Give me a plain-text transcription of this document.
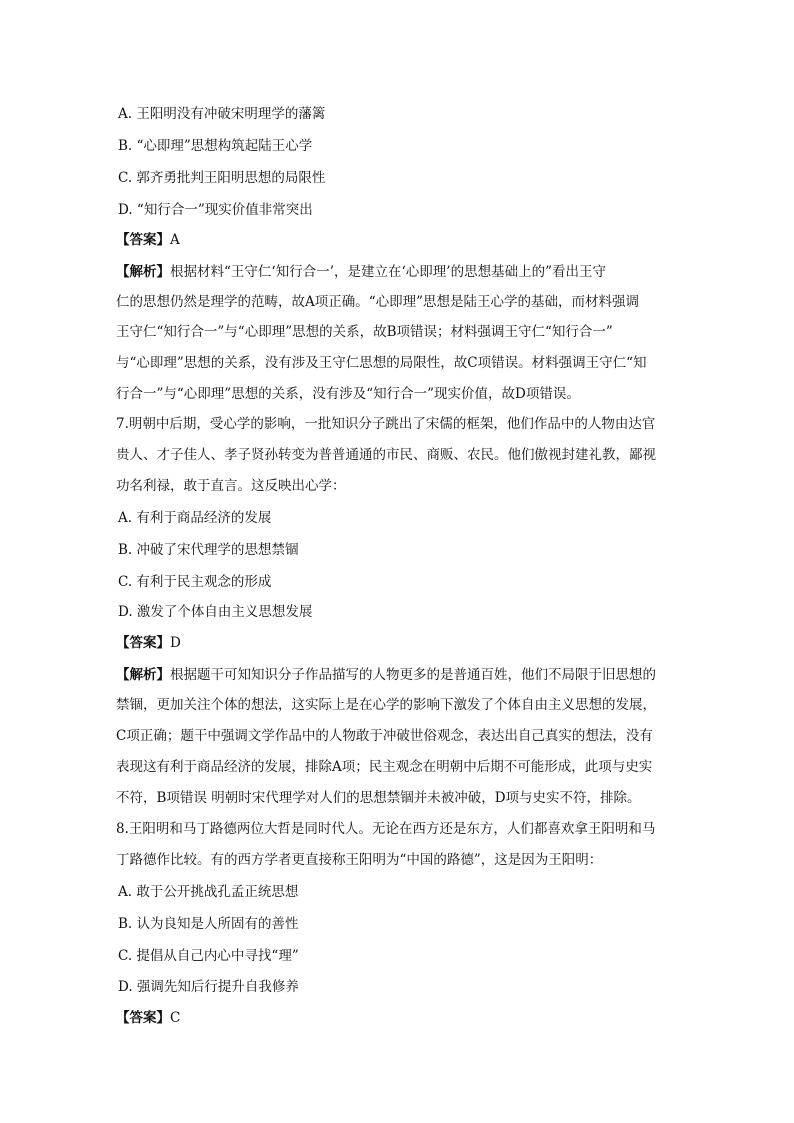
A. 王阳明没有冲破宋明理学的藩篱
B. “心即理”思想构筑起陆王心学
C. 郭齐勇批判王阳明思想的局限性
D. “知行合一”现实价值非常突出
【答案】A
【解析】根据材料“王守仁‘知行合一’，是建立在‘心即理’的思想基础上的”看出王守
仁的思想仍然是理学的范畴，故A项正确。“心即理”思想是陆王心学的基础，而材料强调
王守仁“知行合一”与“心即理”思想的关系，故B项错误；材料强调王守仁“知行合一”
与“心即理”思想的关系，没有涉及王守仁思想的局限性，故C项错误。材料强调王守仁“知
行合一”与“心即理”思想的关系，没有涉及“知行合一”现实价值，故D项错误。
7.明朝中后期，受心学的影响，一批知识分子跳出了宋儒的框架，他们作品中的人物由达官
贵人、才子佳人、孝子贤孙转变为普普通通的市民、商贩、农民。他们傲视封建礼教，鄙视
功名利禄，敢于直言。这反映出心学：
A. 有利于商品经济的发展
B. 冲破了宋代理学的思想禁锢
C. 有利于民主观念的形成
D. 激发了个体自由主义思想发展
【答案】D
【解析】根据题干可知知识分子作品描写的人物更多的是普通百姓，他们不局限于旧思想的
禁锢，更加关注个体的想法，这实际上是在心学的影响下激发了个体自由主义思想的发展，
C项正确；题干中强调文学作品中的人物敢于冲破世俗观念，表达出自己真实的想法，没有
表现这有利于商品经济的发展，排除A项；民主观念在明朝中后期不可能形成，此项与史实
不符，B项错误 明朝时宋代理学对人们的思想禁锢并未被冲破，D项与史实不符，排除。
8.王阳明和马丁路德两位大哲是同时代人。无论在西方还是东方，人们都喜欢拿王阳明和马
丁路德作比较。有的西方学者更直接称王阳明为“中国的路德”，这是因为王阳明：
A. 敢于公开挑战孔孟正统思想
B. 认为良知是人所固有的善性
C. 提倡从自己内心中寻找“理”
D. 强调先知后行提升自我修养
【答案】C
